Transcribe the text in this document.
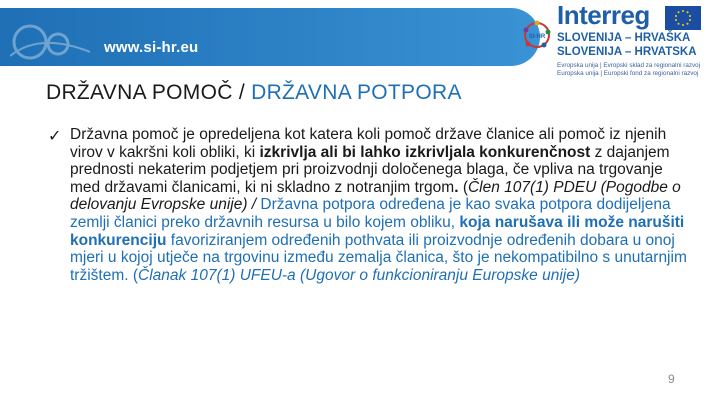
www.si-hr.eu
SI-HR
Interreg
SLOVENIJA – HRVAŠKA
SLOVENIJA – HRVATSKA
Evropska unija | Evropski sklad za regionalni razvoj
Europska unija | Europski fond za regionalni razvoj
DRŽAVNA POMOČ / DRŽAVNA POTPORA
✓ Državna pomoč je opredeljena kot katera koli pomoč države članice ali pomoč iz njenih virov v kakršni koli obliki, ki izkrivlja ali bi lahko izkrivljala konkurenčnost z dajanjem prednosti nekaterim podjetjem pri proizvodnji določenega blaga, če vpliva na trgovanje med državami članicami, ki ni skladno z notranjim trgom. (Člen 107(1) PDEU (Pogodbe o delovanju Evropske unije) / Državna potpora određena je kao svaka potpora dodijeljena zemlji članici preko državnih resursa u bilo kojem obliku, koja narušava ili može narušiti konkurenciju favoriziranjem određenih pothvata ili proizvodnje određenih dobara u onoj mjeri u kojoj utječe na trgovinu između zemalja članica, što je nekompatibilno s unutarnjim tržištem. (Članak 107(1) UFEU-a (Ugovor o funkcioniranju Europske unije)
9
